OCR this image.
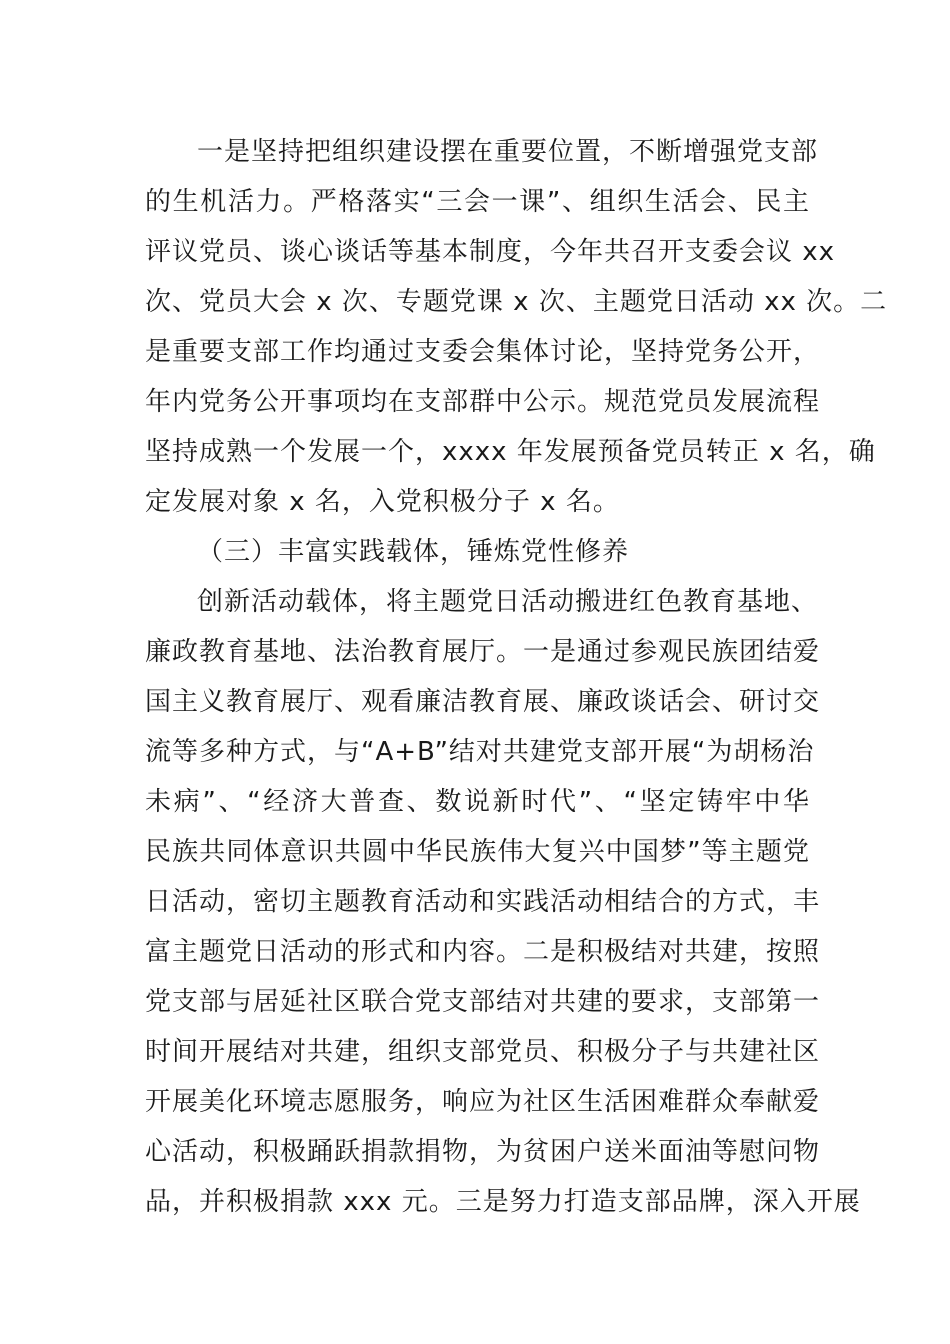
一是坚持把组织建设摆在重要位置，不断增强党支部
的生机活力。严格落实“三会一课”、组织生活会、民主
评议党员、谈心谈话等基本制度，今年共召开支委会议 xx
次、党员大会 x 次、专题党课 x 次、主题党日活动 xx 次。二
是重要支部工作均通过支委会集体讨论，坚持党务公开，
年内党务公开事项均在支部群中公示。规范党员发展流程
坚持成熟一个发展一个，xxxx 年发展预备党员转正 x 名，确
定发展对象 x 名，入党积极分子 x 名。
（三）丰富实践载体，锤炼党性修养
创新活动载体，将主题党日活动搬进红色教育基地、
廉政教育基地、法治教育展厅。一是通过参观民族团结爱
国主义教育展厅、观看廉洁教育展、廉政谈话会、研讨交
流等多种方式，与“A+B”结对共建党支部开展“为胡杨治
未病”、“经济大普查、数说新时代”、“坚定铸牢中华
民族共同体意识共圆中华民族伟大复兴中国梦”等主题党
日活动，密切主题教育活动和实践活动相结合的方式，丰
富主题党日活动的形式和内容。二是积极结对共建，按照
党支部与居延社区联合党支部结对共建的要求，支部第一
时间开展结对共建，组织支部党员、积极分子与共建社区
开展美化环境志愿服务，响应为社区生活困难群众奉献爱
心活动，积极踊跃捐款捐物，为贫困户送米面油等慰问物
品，并积极捐款 xxx 元。三是努力打造支部品牌，深入开展
